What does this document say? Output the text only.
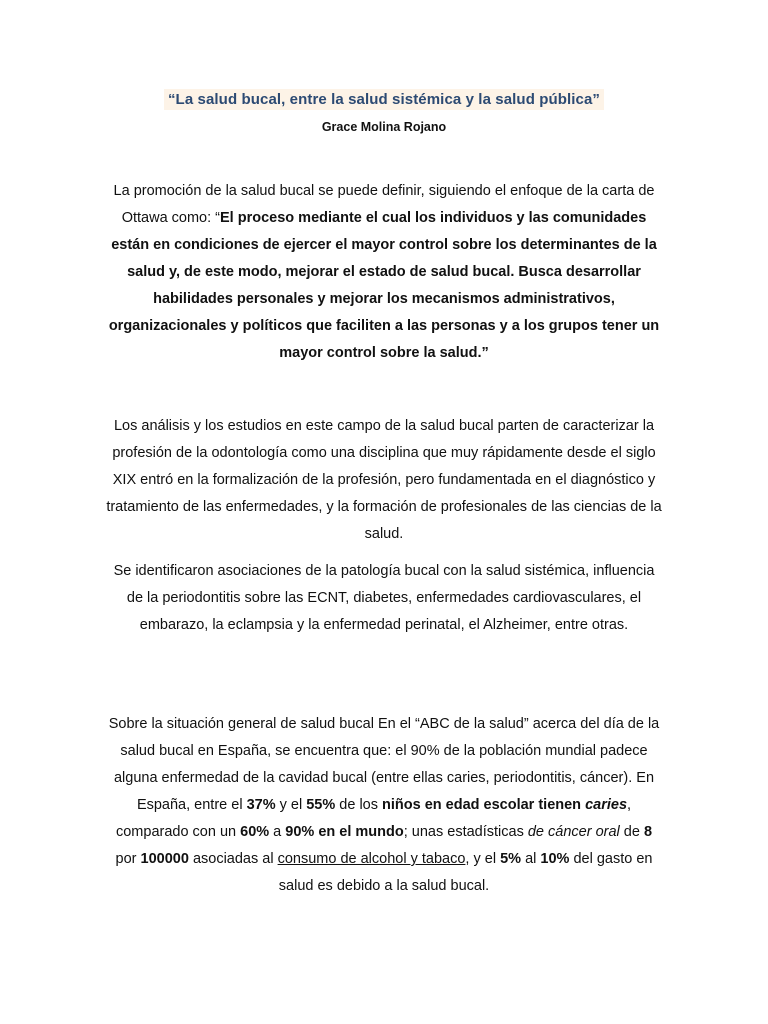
“La salud bucal, entre la salud sistémica y la salud pública”
Grace Molina Rojano

La promoción de la salud bucal se puede definir, siguiendo el enfoque de la carta de Ottawa como: “El proceso mediante el cual los individuos y las comunidades están en condiciones de ejercer el mayor control sobre los determinantes de la salud y, de este modo, mejorar el estado de salud bucal. Busca desarrollar habilidades personales y mejorar los mecanismos administrativos, organizacionales y políticos que faciliten a las personas y a los grupos tener un mayor control sobre la salud.”

Los análisis y los estudios en este campo de la salud bucal parten de caracterizar la profesión de la odontología como una disciplina que muy rápidamente desde el siglo XIX entró en la formalización de la profesión, pero fundamentada en el diagnóstico y tratamiento de las enfermedades, y la formación de profesionales de las ciencias de la salud.

Se identificaron asociaciones de la patología bucal con la salud sistémica, influencia de la periodontitis sobre las ECNT, diabetes, enfermedades cardiovasculares, el embarazo, la eclampsia y la enfermedad perinatal, el Alzheimer, entre otras.

Sobre la situación general de salud bucal En el “ABC de la salud” acerca del día de la salud bucal en España, se encuentra que: el 90% de la población mundial padece alguna enfermedad de la cavidad bucal (entre ellas caries, periodontitis, cáncer). En España, entre el 37% y el 55% de los niños en edad escolar tienen caries, comparado con un 60% a 90% en el mundo; unas estadísticas de cáncer oral de 8 por 100000 asociadas al consumo de alcohol y tabaco, y el 5% al 10% del gasto en salud es debido a la salud bucal.
